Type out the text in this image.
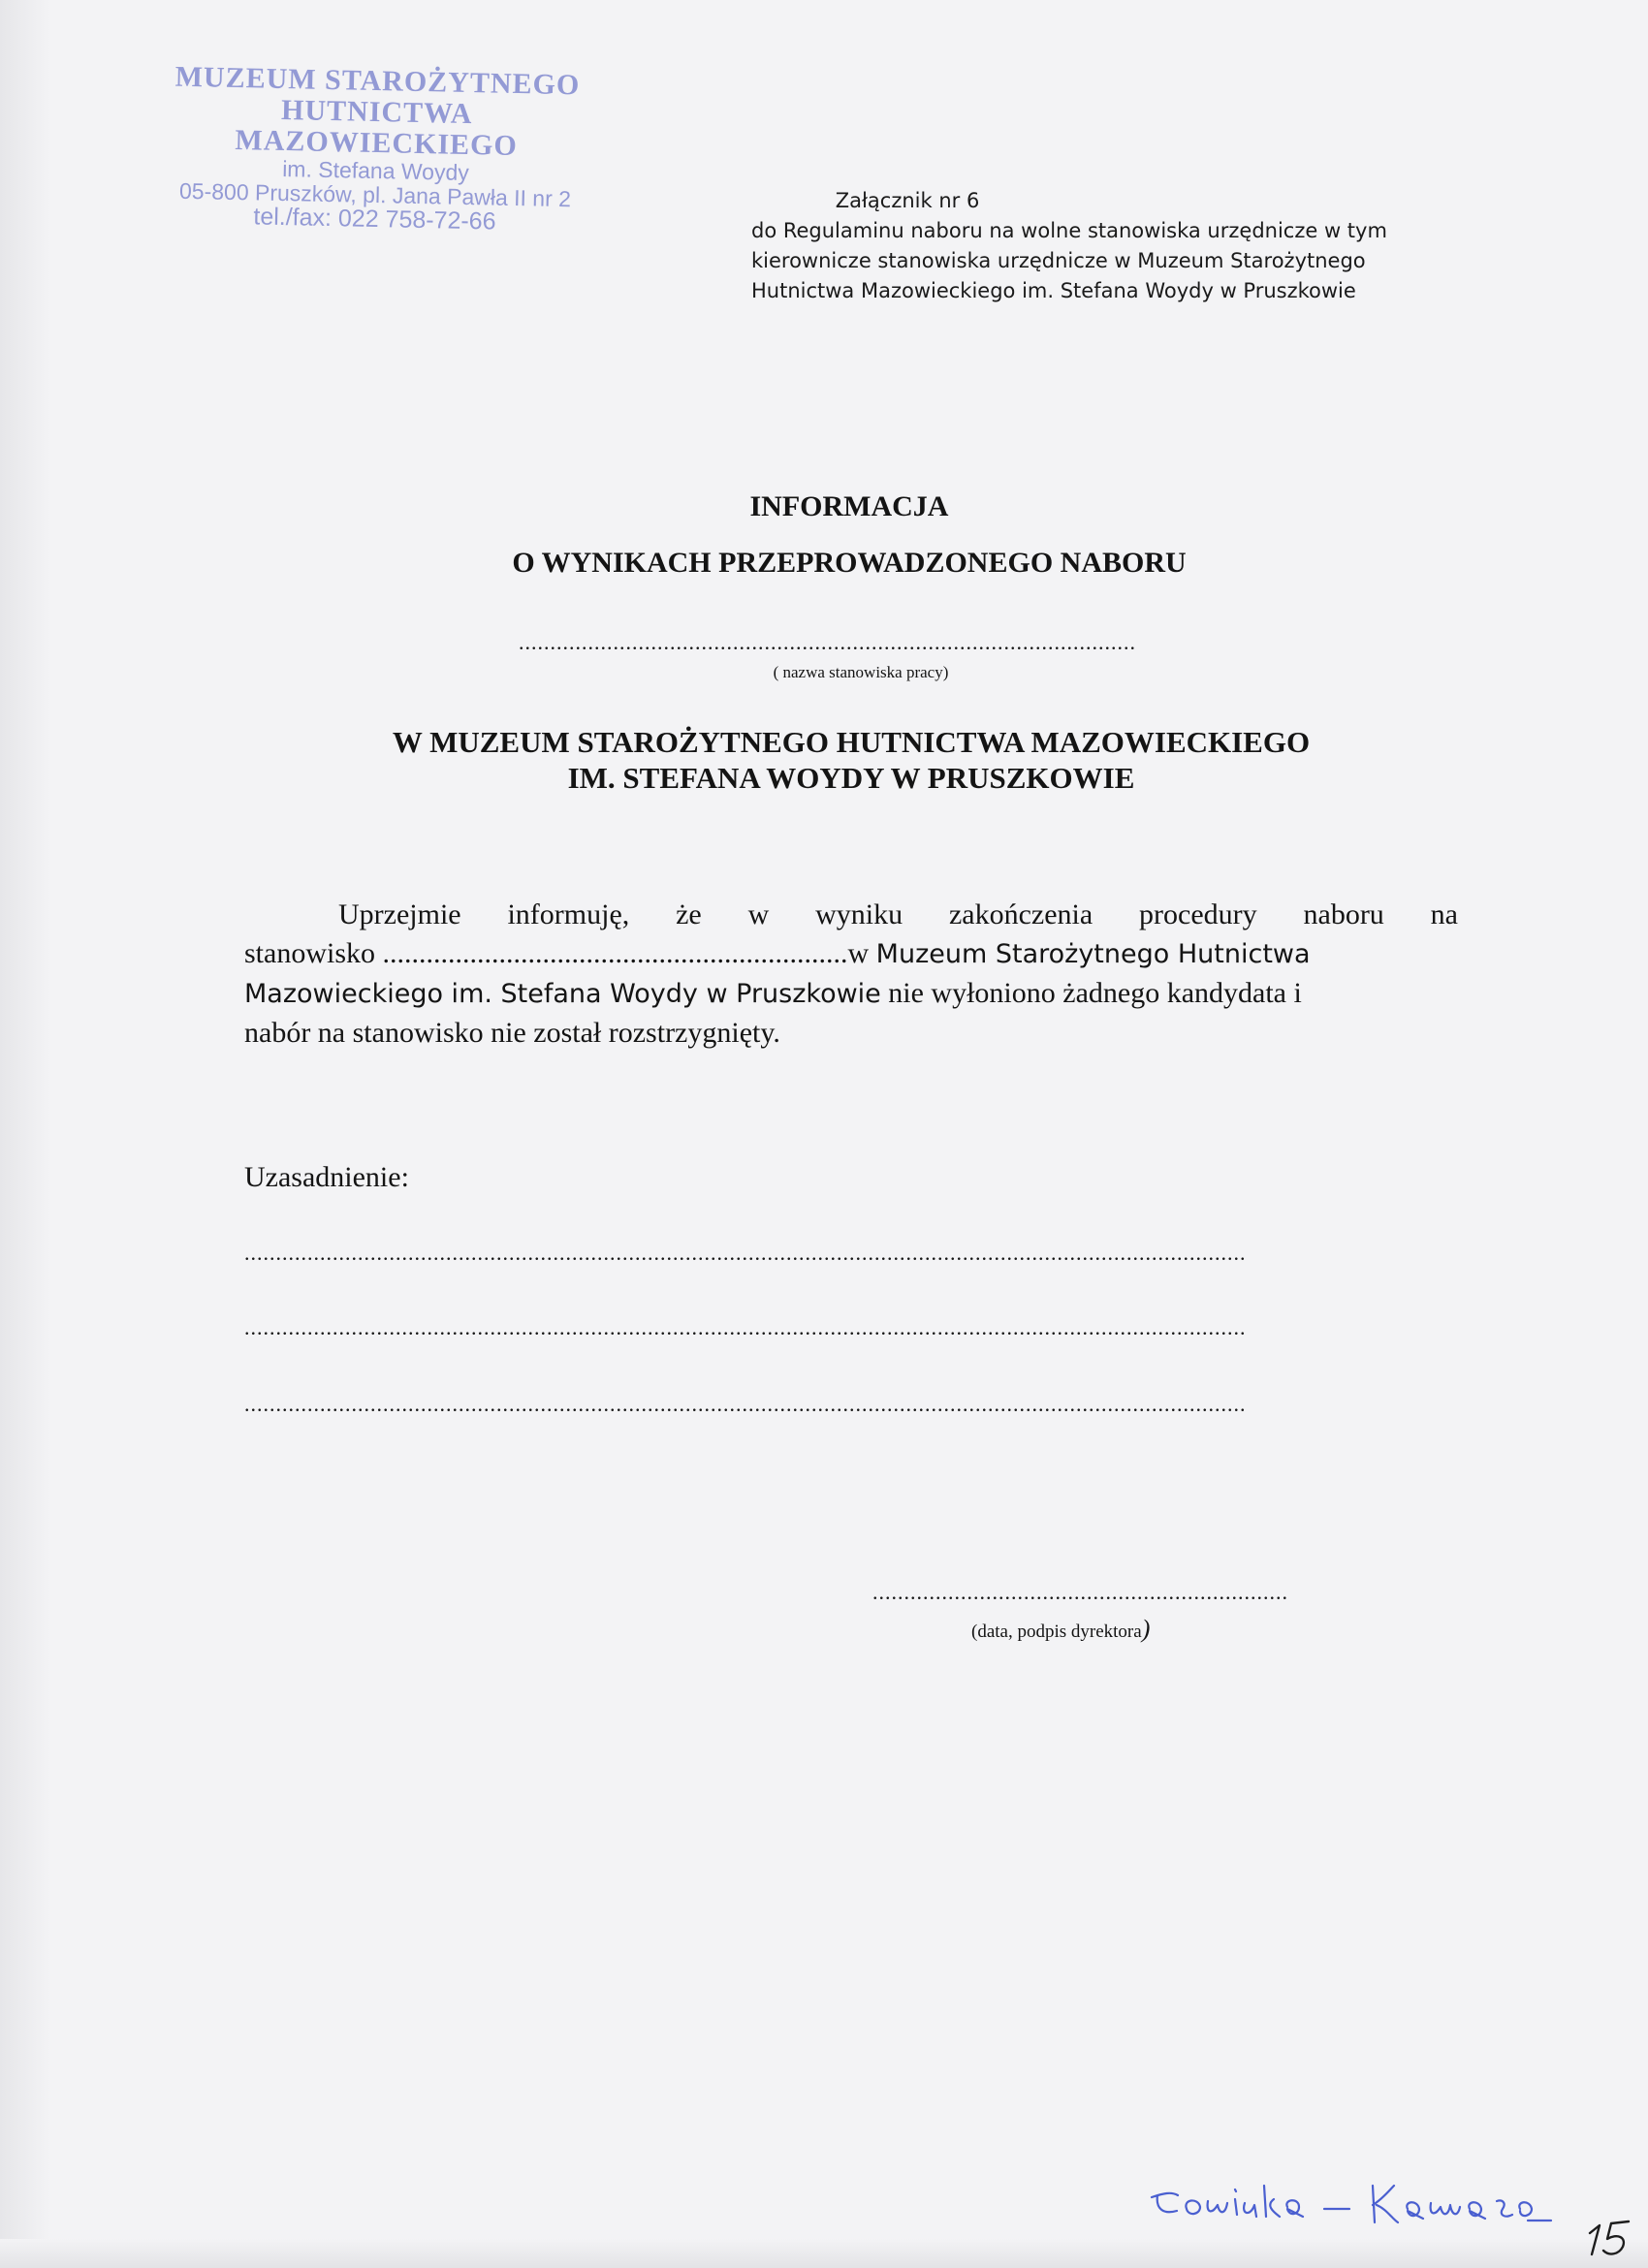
MUZEUM STAROŻYTNEGO
HUTNICTWA MAZOWIECKIEGO
im. Stefana Woydy
05-800 Pruszków, pl. Jana Pawła II nr 2
tel./fax: 022 758-72-66
Załącznik nr 6
do Regulaminu naboru na wolne stanowiska urzędnicze w tym
kierownicze stanowiska urzędnicze w Muzeum Starożytnego
Hutnictwa Mazowieckiego im. Stefana Woydy w Pruszkowie
INFORMACJA
O WYNIKACH PRZEPROWADZONEGO NABORU
..................................................................................................
( nazwa stanowiska pracy)
W MUZEUM STAROŻYTNEGO HUTNICTWA MAZOWIECKIEGO
IM. STEFANA WOYDY W PRUSZKOWIE
Uprzejmie informuję, że w wyniku zakończenia procedury naboru na
stanowisko ................................................................w Muzeum Starożytnego Hutnictwa
Mazowieckiego im. Stefana Woydy w Pruszkowie nie wyłoniono żadnego kandydata i
nabór na stanowisko nie został rozstrzygnięty.
Uzasadnienie:
...............................................................................................................................................................
...............................................................................................................................................................
...............................................................................................................................................................
..................................................................
(data, podpis dyrektora)
